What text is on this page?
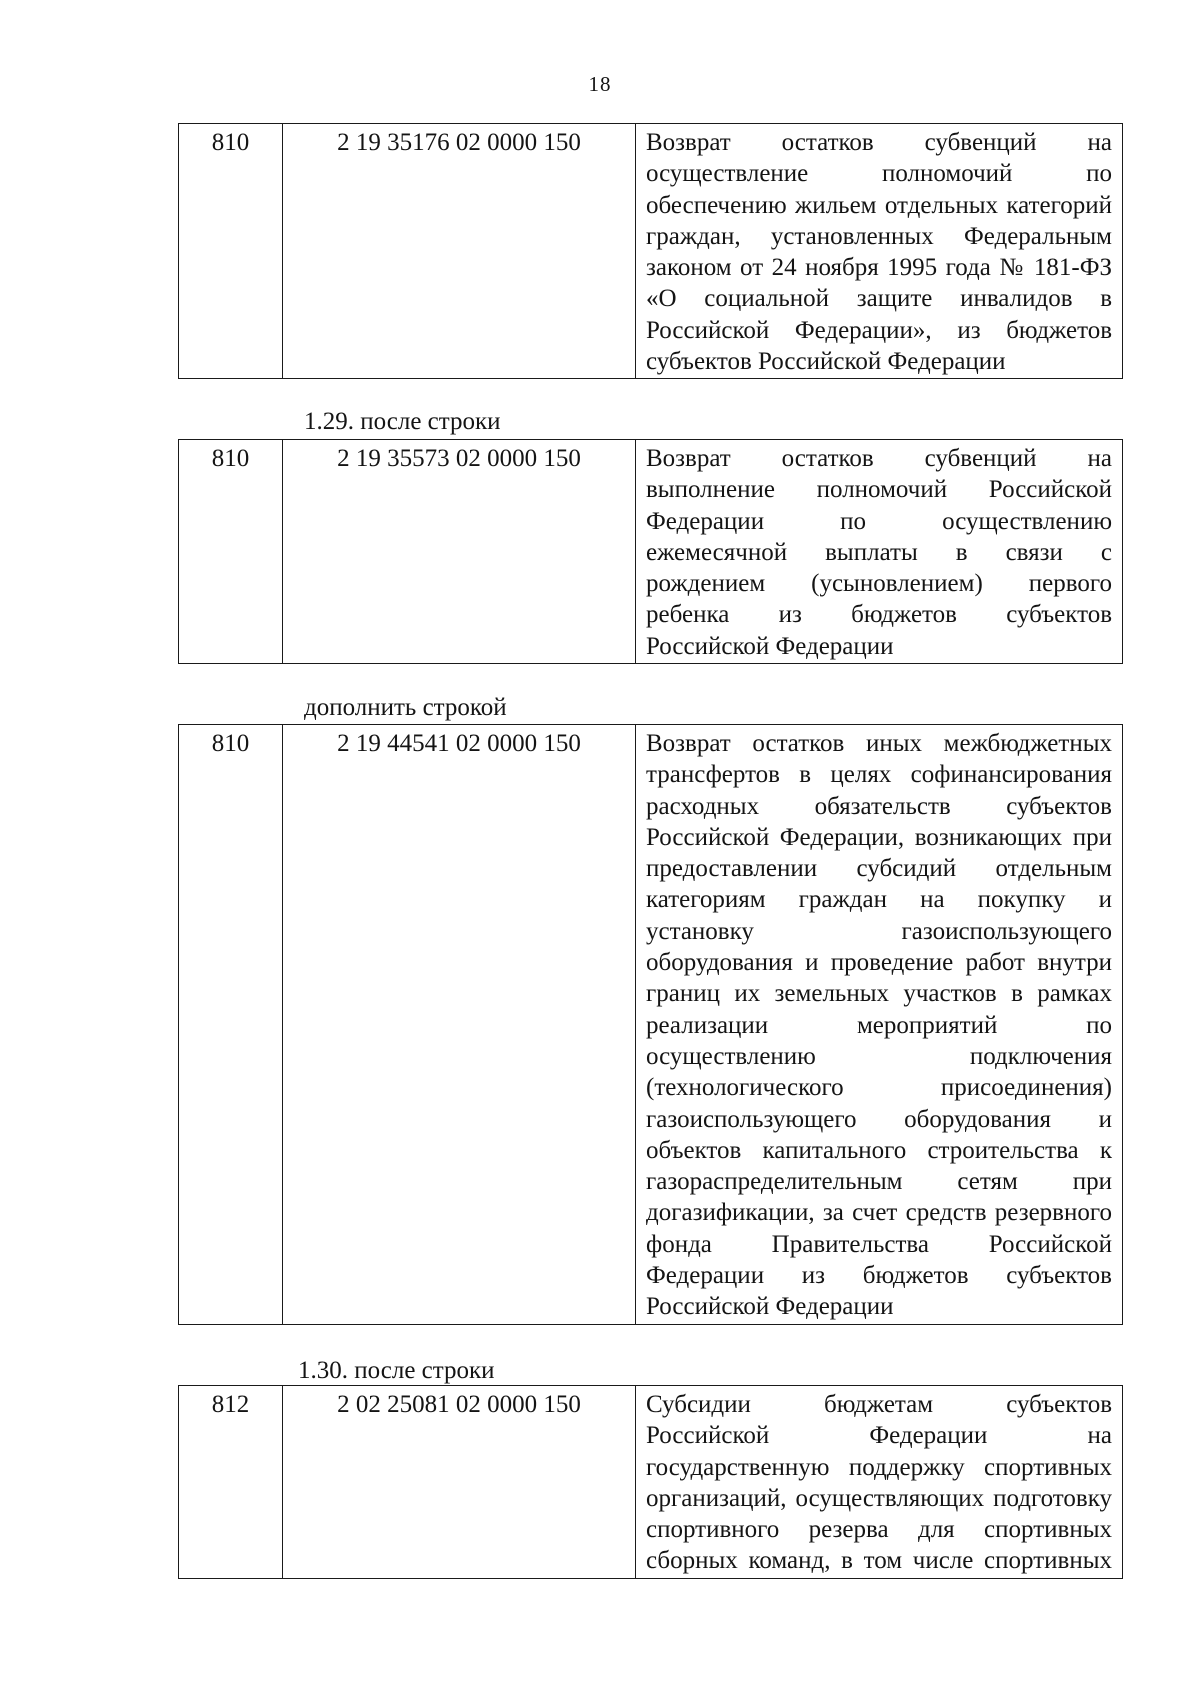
18
810	2 19 35176 02 0000 150	Возврат остатков субвенций на
осуществление полномочий по
обеспечению жильем отдельных категорий
граждан, установленных Федеральным
законом от 24 ноября 1995 года № 181-ФЗ
«О социальной защите инвалидов в
Российской Федерации», из бюджетов
субъектов Российской Федерации
1.29. после строки
810	2 19 35573 02 0000 150	Возврат остатков субвенций на
выполнение полномочий Российской
Федерации по осуществлению
ежемесячной выплаты в связи с
рождением (усыновлением) первого
ребенка из бюджетов субъектов
Российской Федерации
дополнить строкой
810	2 19 44541 02 0000 150	Возврат остатков иных межбюджетных
трансфертов в целях софинансирования
расходных обязательств субъектов
Российской Федерации, возникающих при
предоставлении субсидий отдельным
категориям граждан на покупку и
установку газоиспользующего
оборудования и проведение работ внутри
границ их земельных участков в рамках
реализации мероприятий по
осуществлению подключения
(технологического присоединения)
газоиспользующего оборудования и
объектов капитального строительства к
газораспределительным сетям при
догазификации, за счет средств резервного
фонда Правительства Российской
Федерации из бюджетов субъектов
Российской Федерации
1.30. после строки
812	2 02 25081 02 0000 150	Субсидии бюджетам субъектов
Российской Федерации на
государственную поддержку спортивных
организаций, осуществляющих подготовку
спортивного резерва для спортивных
сборных команд, в том числе спортивных
